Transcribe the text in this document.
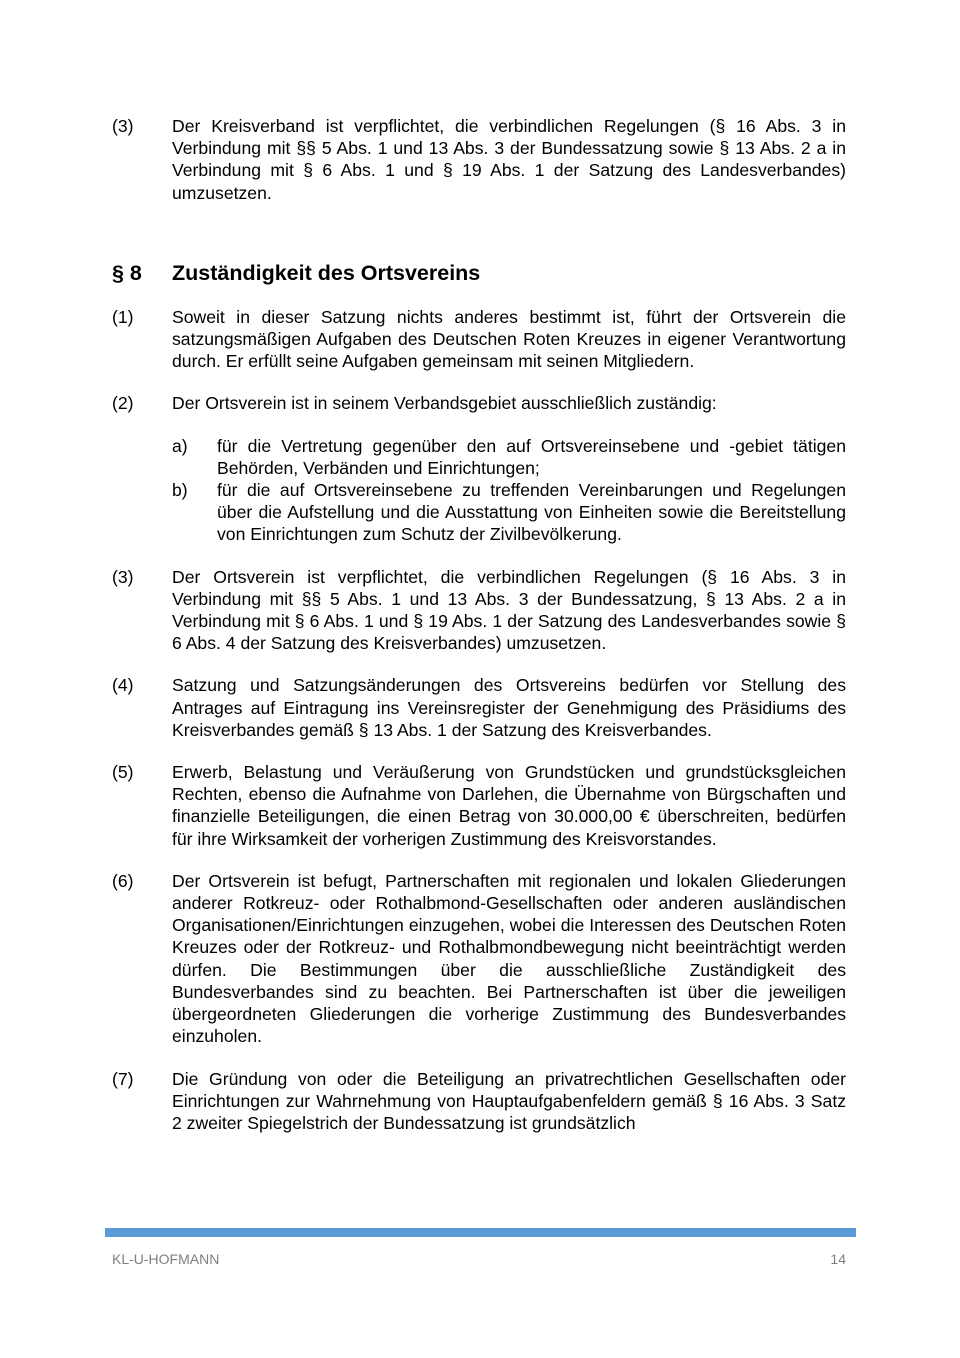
(3)	Der Kreisverband ist verpflichtet, die verbindlichen Regelungen (§ 16 Abs. 3 in Verbindung mit §§ 5 Abs. 1 und 13 Abs. 3 der Bundessatzung sowie § 13 Abs. 2 a in Verbindung mit § 6 Abs. 1 und § 19 Abs. 1 der Satzung des Landesverbandes) umzusetzen.
§ 8	Zuständigkeit des Ortsvereins
(1)	Soweit in dieser Satzung nichts anderes bestimmt ist, führt der Ortsverein die satzungsmäßigen Aufgaben des Deutschen Roten Kreuzes in eigener Verantwortung durch. Er erfüllt seine Aufgaben gemeinsam mit seinen Mitgliedern.
(2)	Der Ortsverein ist in seinem Verbandsgebiet ausschließlich zuständig:
a)	für die Vertretung gegenüber den auf Ortsvereinsebene und -gebiet tätigen Behörden, Verbänden und Einrichtungen;
b)	für die auf Ortsvereinsebene zu treffenden Vereinbarungen und Regelungen über die Aufstellung und die Ausstattung von Einheiten sowie die Bereitstellung von Einrichtungen zum Schutz der Zivilbevölkerung.
(3)	Der Ortsverein ist verpflichtet, die verbindlichen Regelungen (§ 16 Abs. 3 in Verbindung mit §§ 5 Abs. 1 und 13 Abs. 3 der Bundessatzung, § 13 Abs. 2 a in Verbindung mit § 6 Abs. 1 und § 19 Abs. 1 der Satzung des Landesverbandes sowie § 6 Abs. 4 der Satzung des Kreisverbandes) umzusetzen.
(4)	Satzung und Satzungsänderungen des Ortsvereins bedürfen vor Stellung des Antrages auf Eintragung ins Vereinsregister der Genehmigung des Präsidiums des Kreisverbandes gemäß § 13 Abs. 1 der Satzung des Kreisverbandes.
(5)	Erwerb, Belastung und Veräußerung von Grundstücken und grundstücksgleichen Rechten, ebenso die Aufnahme von Darlehen, die Übernahme von Bürgschaften und finanzielle Beteiligungen, die einen Betrag von 30.000,00 € überschreiten, bedürfen für ihre Wirksamkeit der vorherigen Zustimmung des Kreisvorstandes.
(6)	Der Ortsverein ist befugt, Partnerschaften mit regionalen und lokalen Gliederungen anderer Rotkreuz- oder Rothalbmond-Gesellschaften oder anderen ausländischen Organisationen/Einrichtungen einzugehen, wobei die Interessen des Deutschen Roten Kreuzes oder der Rotkreuz- und Rothalbmondbewegung nicht beeinträchtigt werden dürfen. Die Bestimmungen über die ausschließliche Zuständigkeit des Bundesverbandes sind zu beachten. Bei Partnerschaften ist über die jeweiligen übergeordneten Gliederungen die vorherige Zustimmung des Bundesverbandes einzuholen.
(7)	Die Gründung von oder die Beteiligung an privatrechtlichen Gesellschaften oder Einrichtungen zur Wahrnehmung von Hauptaufgabenfeldern gemäß § 16 Abs. 3 Satz 2 zweiter Spiegelstrich der Bundessatzung ist grundsätzlich
KL-U-HOFMANN	14
